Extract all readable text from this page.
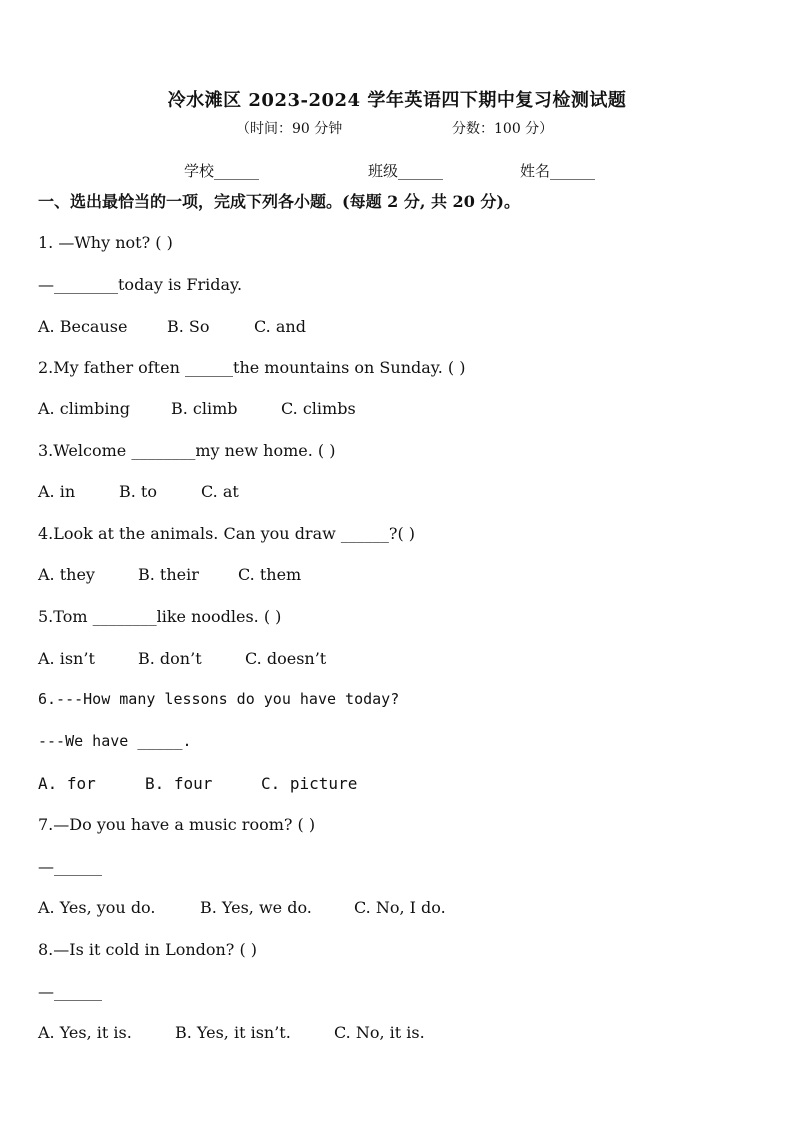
冷水滩区 2023-2024 学年英语四下期中复习检测试题
（时间：90 分钟	分数：100 分）
学校______	班级______	姓名______
一、选出最恰当的一项，完成下列各小题。(每题 2 分, 共 20 分)。
1. —Why not? ( )
—________today is Friday.
A. Because B. So	C. and
2.My father often ______the mountains on Sunday. ( )
A. climbing	B. climb	C. climbs
3.Welcome ________my new home. ( )
A. in	B. to	C. at
4.Look at the animals. Can you draw ______?( )
A. they	B. their C. them
5.Tom ________like noodles. ( )
A. isn’t	B. don’t	C. doesn’t
6.---How many lessons do you have today?
---We have _____.
A. for	B. four	C. picture
7.—Do you have a music room? ( )
—______
A. Yes, you do.	B. Yes, we do.	C. No, I do.
8.—Is it cold in London? ( )
—______
A. Yes, it is.	B. Yes, it isn’t.	C. No, it is.
